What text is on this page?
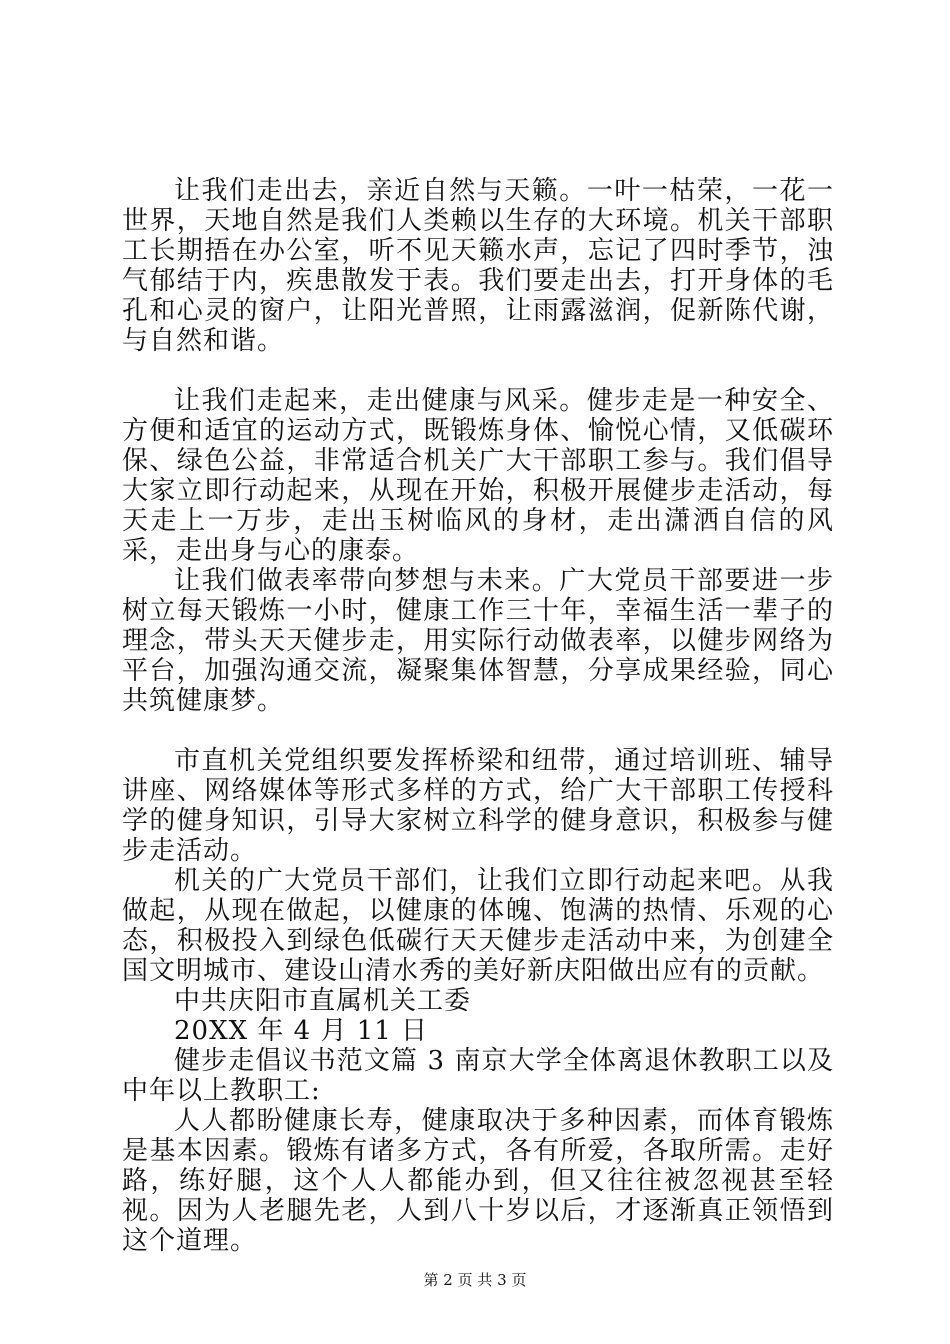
让我们走出去，亲近自然与天籁。一叶一枯荣，一花一世界，天地自然是我们人类赖以生存的大环境。机关干部职工长期捂在办公室，听不见天籁水声，忘记了四时季节，浊气郁结于内，疾患散发于表。我们要走出去，打开身体的毛孔和心灵的窗户，让阳光普照，让雨露滋润，促新陈代谢，与自然和谐。

让我们走起来，走出健康与风采。健步走是一种安全、方便和适宜的运动方式，既锻炼身体、愉悦心情，又低碳环保、绿色公益，非常适合机关广大干部职工参与。我们倡导大家立即行动起来，从现在开始，积极开展健步走活动，每天走上一万步，走出玉树临风的身材，走出潇洒自信的风采，走出身与心的康泰。

让我们做表率带向梦想与未来。广大党员干部要进一步树立每天锻炼一小时，健康工作三十年，幸福生活一辈子的理念，带头天天健步走，用实际行动做表率，以健步网络为平台，加强沟通交流，凝聚集体智慧，分享成果经验，同心共筑健康梦。

市直机关党组织要发挥桥梁和纽带，通过培训班、辅导讲座、网络媒体等形式多样的方式，给广大干部职工传授科学的健身知识，引导大家树立科学的健身意识，积极参与健步走活动。

机关的广大党员干部们，让我们立即行动起来吧。从我做起，从现在做起，以健康的体魄、饱满的热情、乐观的心态，积极投入到绿色低碳行天天健步走活动中来，为创建全国文明城市、建设山清水秀的美好新庆阳做出应有的贡献。

中共庆阳市直属机关工委

20XX 年 4 月 11 日

健步走倡议书范文篇 3 南京大学全体离退休教职工以及中年以上教职工:

人人都盼健康长寿，健康取决于多种因素，而体育锻炼是基本因素。锻炼有诸多方式，各有所爱，各取所需。走好路，练好腿，这个人人都能办到，但又往往被忽视甚至轻视。因为人老腿先老，人到八十岁以后，才逐渐真正领悟到这个道理。

第 2 页 共 3 页
